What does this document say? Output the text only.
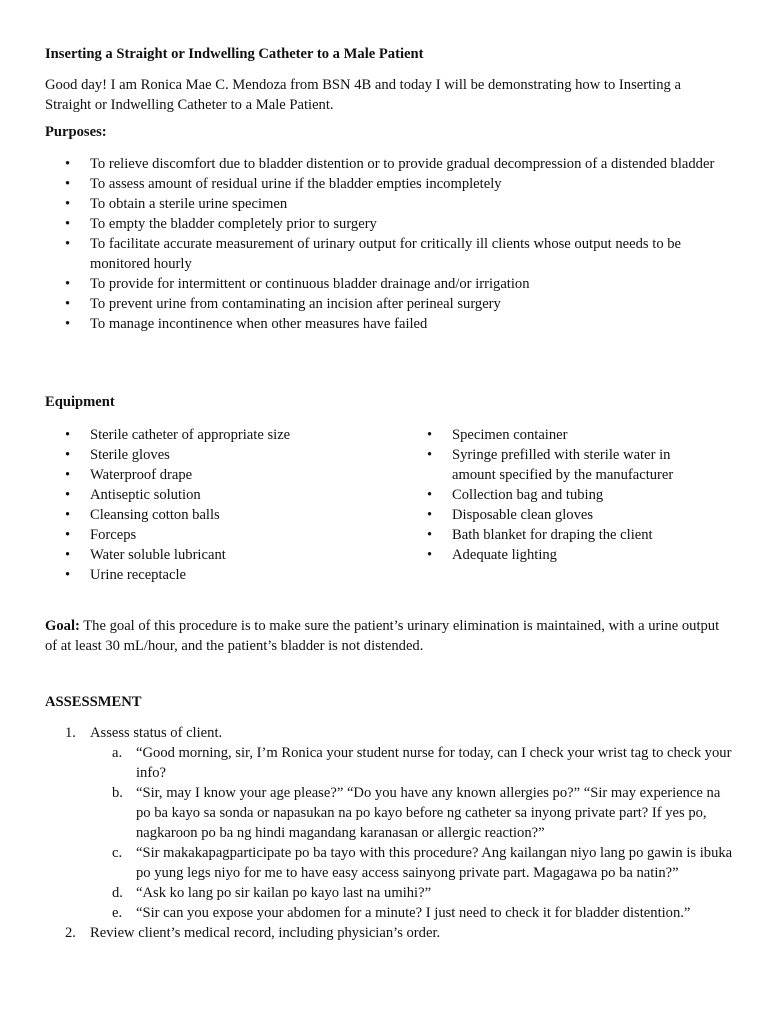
Inserting a Straight or Indwelling Catheter to a Male Patient
Good day! I am Ronica Mae C. Mendoza from BSN 4B and today I will be demonstrating how to Inserting a Straight or Indwelling Catheter to a Male Patient.
Purposes:
• To relieve discomfort due to bladder distention or to provide gradual decompression of a distended bladder
• To assess amount of residual urine if the bladder empties incompletely
• To obtain a sterile urine specimen
• To empty the bladder completely prior to surgery
• To facilitate accurate measurement of urinary output for critically ill clients whose output needs to be monitored hourly
• To provide for intermittent or continuous bladder drainage and/or irrigation
• To prevent urine from contaminating an incision after perineal surgery
• To manage incontinence when other measures have failed
Equipment
• Sterile catheter of appropriate size
• Sterile gloves
• Waterproof drape
• Antiseptic solution
• Cleansing cotton balls
• Forceps
• Water soluble lubricant
• Urine receptacle
• Specimen container
• Syringe prefilled with sterile water in amount specified by the manufacturer
• Collection bag and tubing
• Disposable clean gloves
• Bath blanket for draping the client
• Adequate lighting
Goal: The goal of this procedure is to make sure the patient’s urinary elimination is maintained, with a urine output of at least 30 mL/hour, and the patient’s bladder is not distended.
ASSESSMENT
1. Assess status of client.
a. “Good morning, sir, I’m Ronica your student nurse for today, can I check your wrist tag to check your info?
b. “Sir, may I know your age please?” “Do you have any known allergies po?” “Sir may experience na po ba kayo sa sonda or napasukan na po kayo before ng catheter sa inyong private part? If yes po, nagkaroon po ba ng hindi magandang karanasan or allergic reaction?”
c. “Sir makakapagparticipate po ba tayo with this procedure? Ang kailangan niyo lang po gawin is ibuka po yung legs niyo for me to have easy access sainyong private part. Magagawa po ba natin?”
d. “Ask ko lang po sir kailan po kayo last na umihi?”
e. “Sir can you expose your abdomen for a minute? I just need to check it for bladder distention.”
2. Review client’s medical record, including physician’s order.
